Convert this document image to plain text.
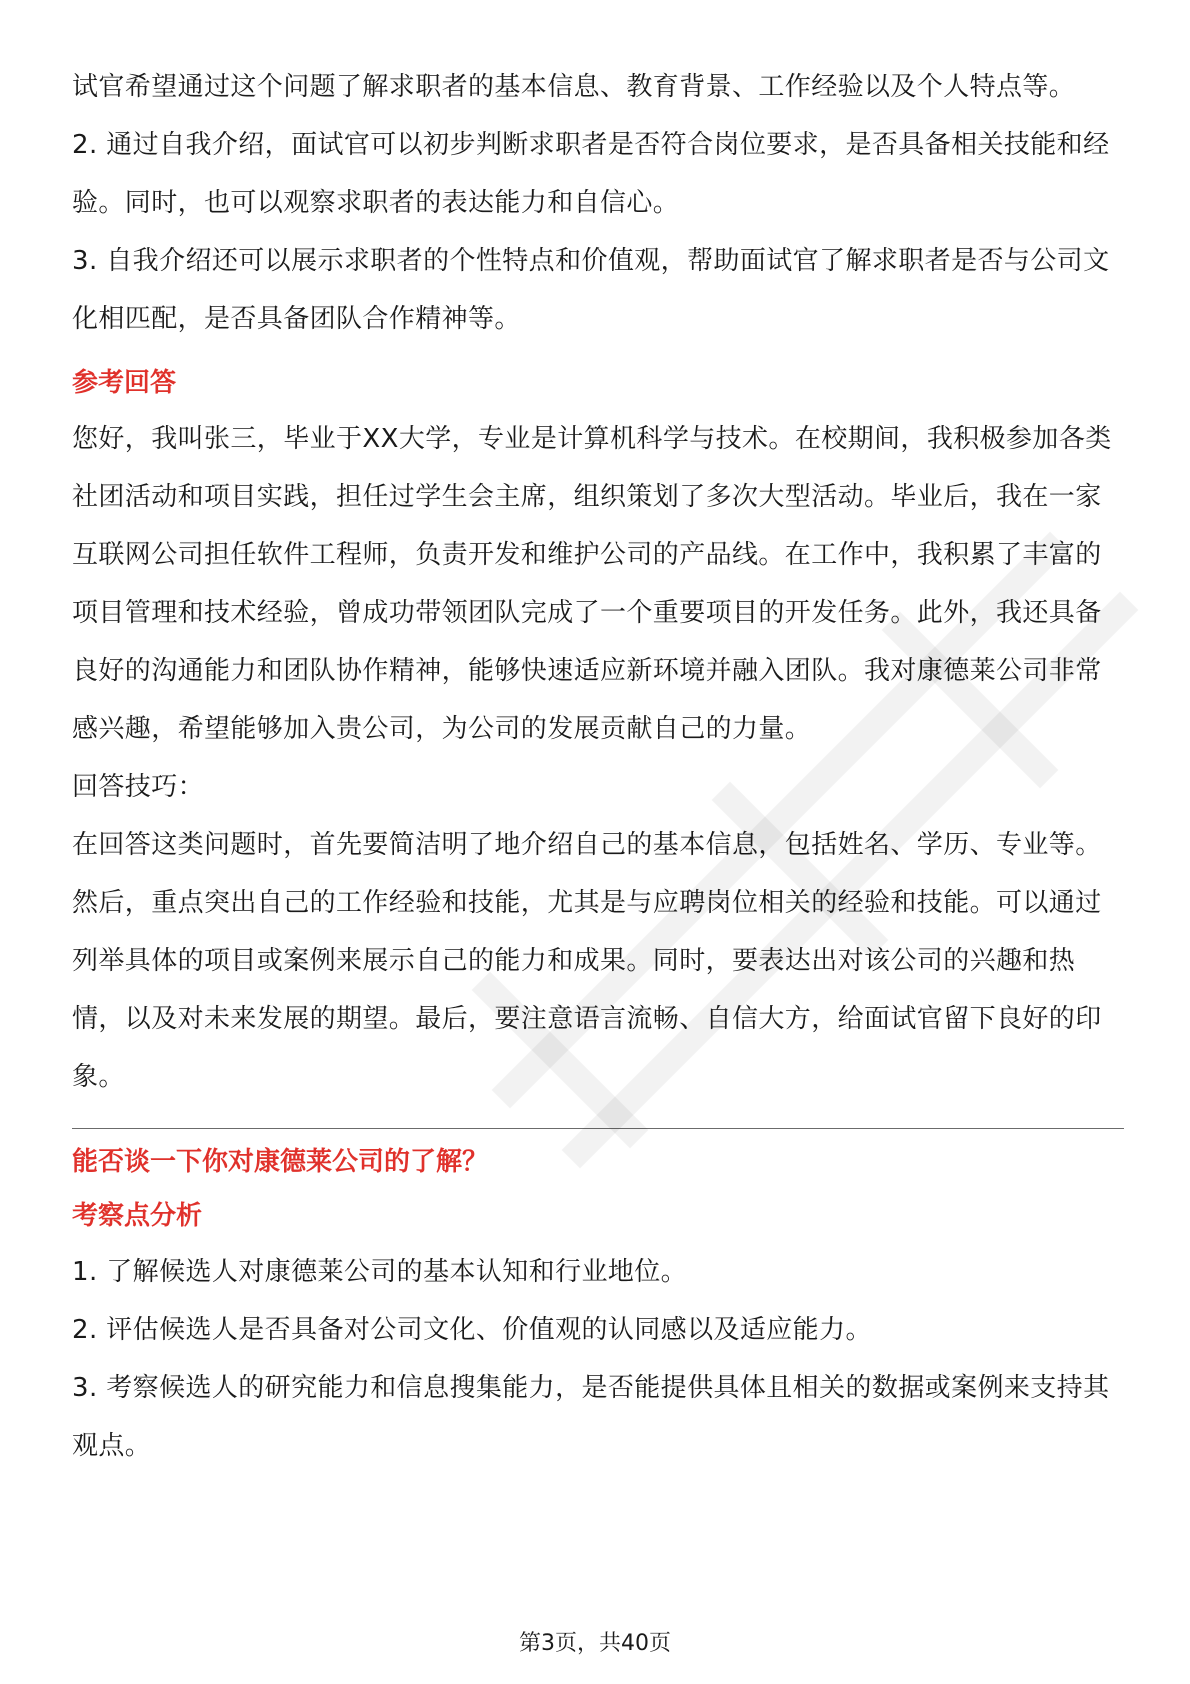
试官希望通过这个问题了解求职者的基本信息、教育背景、工作经验以及个人特点等。

2. 通过自我介绍，面试官可以初步判断求职者是否符合岗位要求，是否具备相关技能和经验。同时，也可以观察求职者的表达能力和自信心。

3. 自我介绍还可以展示求职者的个性特点和价值观，帮助面试官了解求职者是否与公司文化相匹配，是否具备团队合作精神等。

参考回答

您好，我叫张三，毕业于XX大学，专业是计算机科学与技术。在校期间，我积极参加各类社团活动和项目实践，担任过学生会主席，组织策划了多次大型活动。毕业后，我在一家互联网公司担任软件工程师，负责开发和维护公司的产品线。在工作中，我积累了丰富的项目管理和技术经验，曾成功带领团队完成了一个重要项目的开发任务。此外，我还具备良好的沟通能力和团队协作精神，能够快速适应新环境并融入团队。我对康德莱公司非常感兴趣，希望能够加入贵公司，为公司的发展贡献自己的力量。

回答技巧：

在回答这类问题时，首先要简洁明了地介绍自己的基本信息，包括姓名、学历、专业等。然后，重点突出自己的工作经验和技能，尤其是与应聘岗位相关的经验和技能。可以通过列举具体的项目或案例来展示自己的能力和成果。同时，要表达出对该公司的兴趣和热情，以及对未来发展的期望。最后，要注意语言流畅、自信大方，给面试官留下良好的印象。

能否谈一下你对康德莱公司的了解？

考察点分析

1. 了解候选人对康德莱公司的基本认知和行业地位。

2. 评估候选人是否具备对公司文化、价值观的认同感以及适应能力。

3. 考察候选人的研究能力和信息搜集能力，是否能提供具体且相关的数据或案例来支持其观点。

第3页，共40页
